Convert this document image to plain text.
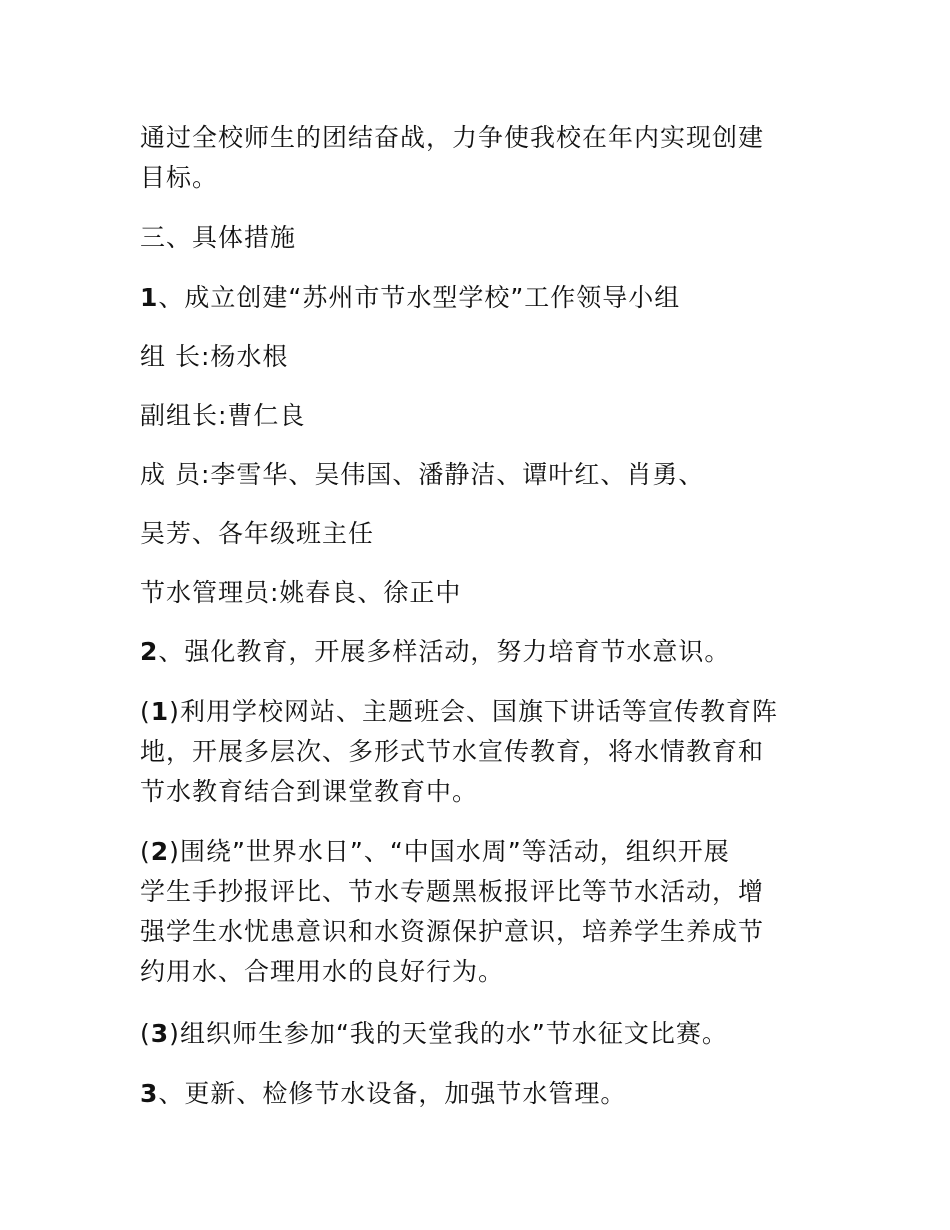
通过全校师生的团结奋战，力争使我校在年内实现创建
目标。

三、具体措施

1、成立创建“苏州市节水型学校”工作领导小组

组 长:杨水根

副组长:曹仁良

成 员:李雪华、吴伟国、潘静洁、谭叶红、肖勇、

吴芳、各年级班主任

节水管理员:姚春良、徐正中

2、强化教育，开展多样活动，努力培育节水意识。

(1)利用学校网站、主题班会、国旗下讲话等宣传教育阵
地，开展多层次、多形式节水宣传教育，将水情教育和
节水教育结合到课堂教育中。

(2)围绕”世界水日”、“中国水周”等活动，组织开展
学生手抄报评比、节水专题黑板报评比等节水活动，增
强学生水忧患意识和水资源保护意识，培养学生养成节
约用水、合理用水的良好行为。

(3)组织师生参加“我的天堂我的水”节水征文比赛。

3、更新、检修节水设备，加强节水管理。
